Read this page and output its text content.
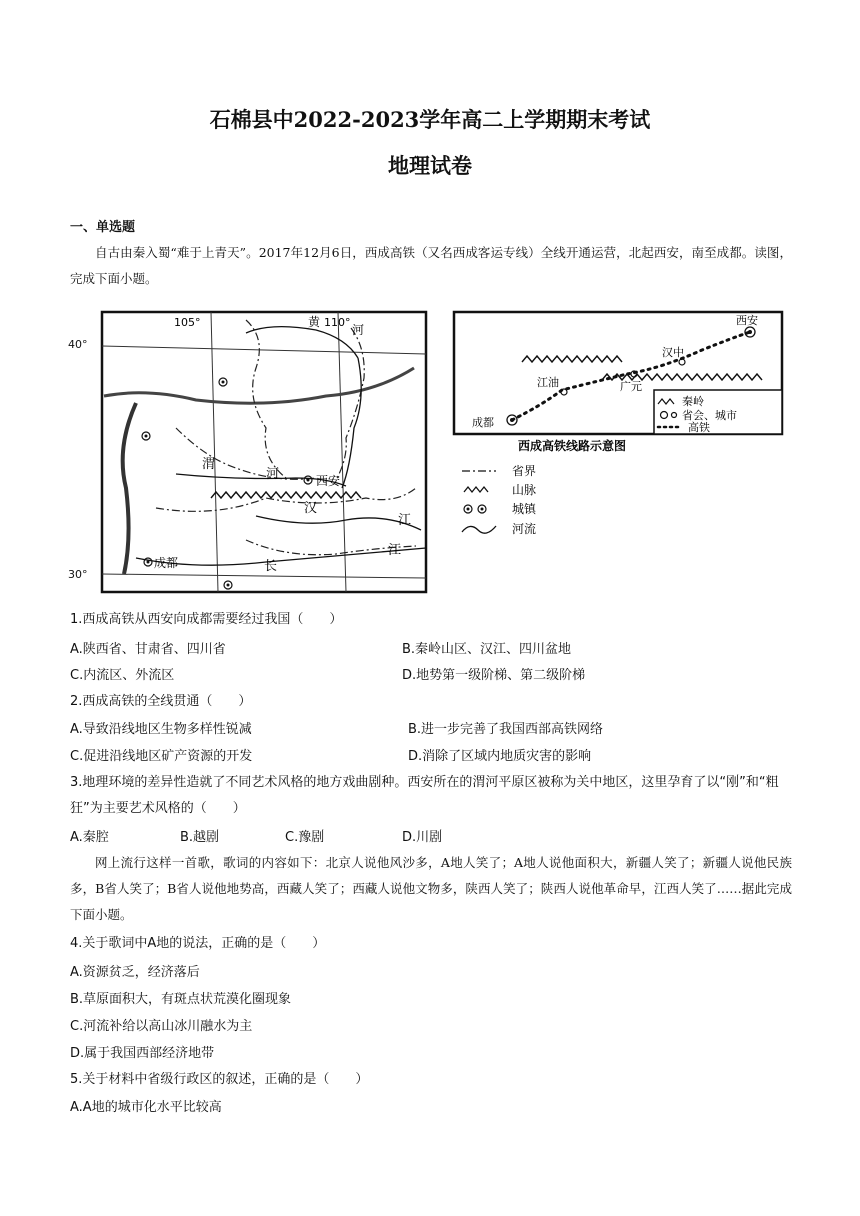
石棉县中2022-2023学年高二上学期期末考试
地理试卷
一、单选题
自古由秦入蜀“难于上青天”。2017年12月6日，西成高铁（又名西成客运专线）全线开通运营，北起西安，南至成都。读图，完成下面小题。
105°	黄 110°
河
渭
河	西安
汉
江
江
成都	长
40°
30°
西安
汉中
江油	广元
成都
秦岭
省会、城市
高铁
西成高铁线路示意图
省界
山脉
城镇
河流
1.西成高铁从西安向成都需要经过我国（　　）
A.陕西省、甘肃省、四川省	B.秦岭山区、汉江、四川盆地
C.内流区、外流区	D.地势第一级阶梯、第二级阶梯
2.西成高铁的全线贯通（　　）
A.导致沿线地区生物多样性锐减	B.进一步完善了我国西部高铁网络
C.促进沿线地区矿产资源的开发	D.消除了区域内地质灾害的影响
3.地理环境的差异性造就了不同艺术风格的地方戏曲剧种。西安所在的渭河平原区被称为关中地区，这里孕育了以“刚”和“粗狂”为主要艺术风格的（　　）
A.秦腔	B.越剧	C.豫剧	D.川剧
网上流行这样一首歌，歌词的内容如下：北京人说他风沙多，A地人笑了；A地人说他面积大，新疆人笑了；新疆人说他民族多，B省人笑了；B省人说他地势高，西藏人笑了；西藏人说他文物多，陕西人笑了；陕西人说他革命早，江西人笑了……据此完成下面小题。
4.关于歌词中A地的说法，正确的是（　　）
A.资源贫乏，经济落后
B.草原面积大，有斑点状荒漠化圈现象
C.河流补给以高山冰川融水为主
D.属于我国西部经济地带
5.关于材料中省级行政区的叙述，正确的是（　　）
A.A地的城市化水平比较高
